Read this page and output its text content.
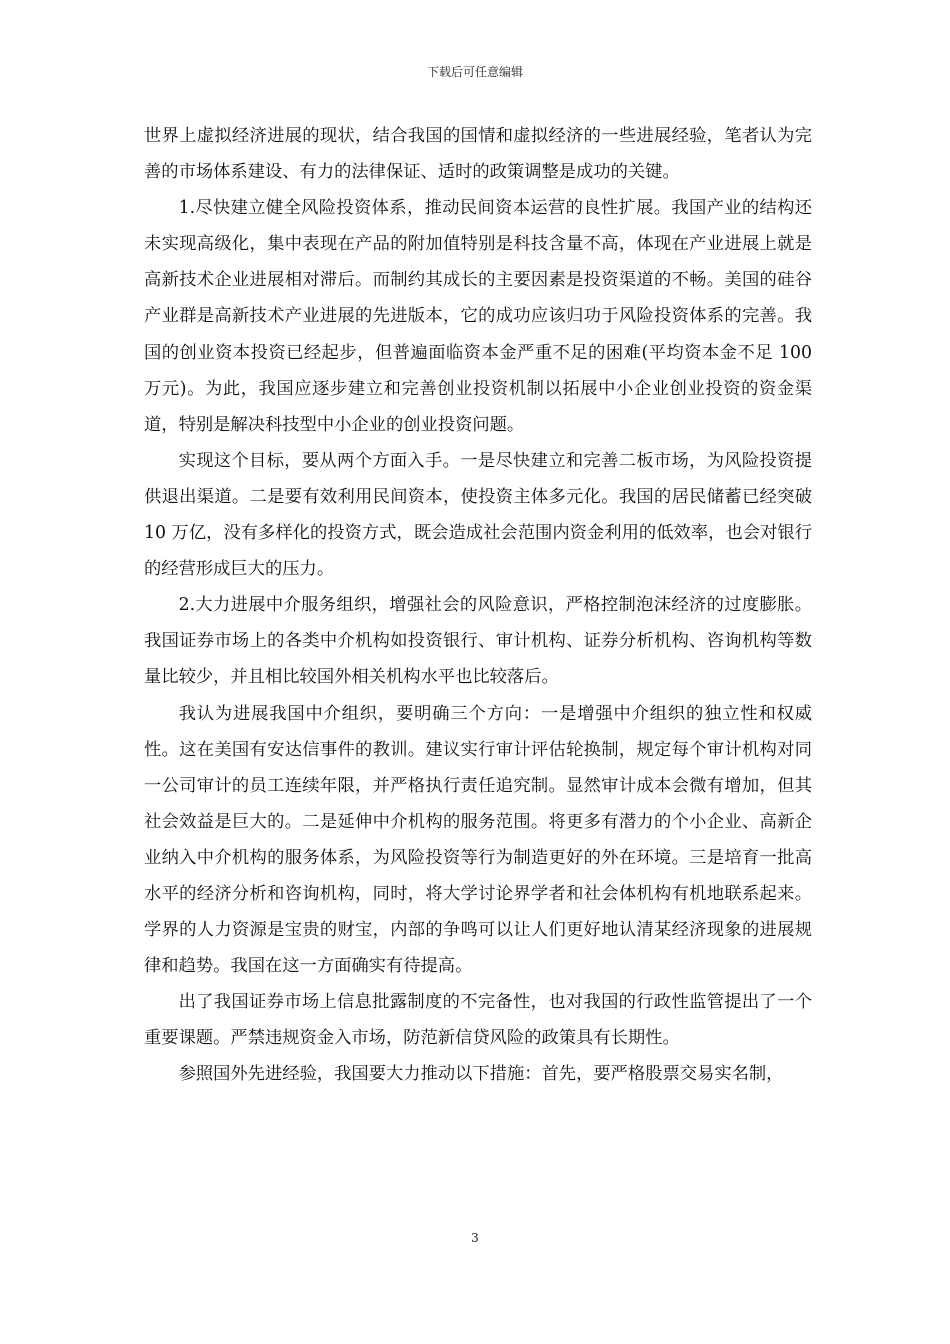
下载后可任意编辑

世界上虚拟经济进展的现状，结合我国的国情和虚拟经济的一些进展经验，笔者认为完善的市场体系建设、有力的法律保证、适时的政策调整是成功的关键。

1.尽快建立健全风险投资体系，推动民间资本运营的良性扩展。我国产业的结构还未实现高级化，集中表现在产品的附加值特别是科技含量不高，体现在产业进展上就是高新技术企业进展相对滞后。而制约其成长的主要因素是投资渠道的不畅。美国的硅谷产业群是高新技术产业进展的先进版本，它的成功应该归功于风险投资体系的完善。我国的创业资本投资已经起步，但普遍面临资本金严重不足的困难(平均资本金不足 100 万元)。为此，我国应逐步建立和完善创业投资机制以拓展中小企业创业投资的资金渠道，特别是解决科技型中小企业的创业投资问题。

实现这个目标，要从两个方面入手。一是尽快建立和完善二板市场，为风险投资提供退出渠道。二是要有效利用民间资本，使投资主体多元化。我国的居民储蓄已经突破 10 万亿，没有多样化的投资方式，既会造成社会范围内资金利用的低效率，也会对银行的经营形成巨大的压力。

2.大力进展中介服务组织，增强社会的风险意识，严格控制泡沫经济的过度膨胀。我国证券市场上的各类中介机构如投资银行、审计机构、证券分析机构、咨询机构等数量比较少，并且相比较国外相关机构水平也比较落后。

我认为进展我国中介组织，要明确三个方向：一是增强中介组织的独立性和权威性。这在美国有安达信事件的教训。建议实行审计评估轮换制，规定每个审计机构对同一公司审计的员工连续年限，并严格执行责任追究制。显然审计成本会微有增加，但其社会效益是巨大的。二是延伸中介机构的服务范围。将更多有潜力的个小企业、高新企业纳入中介机构的服务体系，为风险投资等行为制造更好的外在环境。三是培育一批高水平的经济分析和咨询机构，同时，将大学讨论界学者和社会体机构有机地联系起来。学界的人力资源是宝贵的财宝，内部的争鸣可以让人们更好地认清某经济现象的进展规律和趋势。我国在这一方面确实有待提高。

出了我国证券市场上信息批露制度的不完备性，也对我国的行政性监管提出了一个重要课题。严禁违规资金入市场，防范新信贷风险的政策具有长期性。

参照国外先进经验，我国要大力推动以下措施：首先，要严格股票交易实名制，

3
